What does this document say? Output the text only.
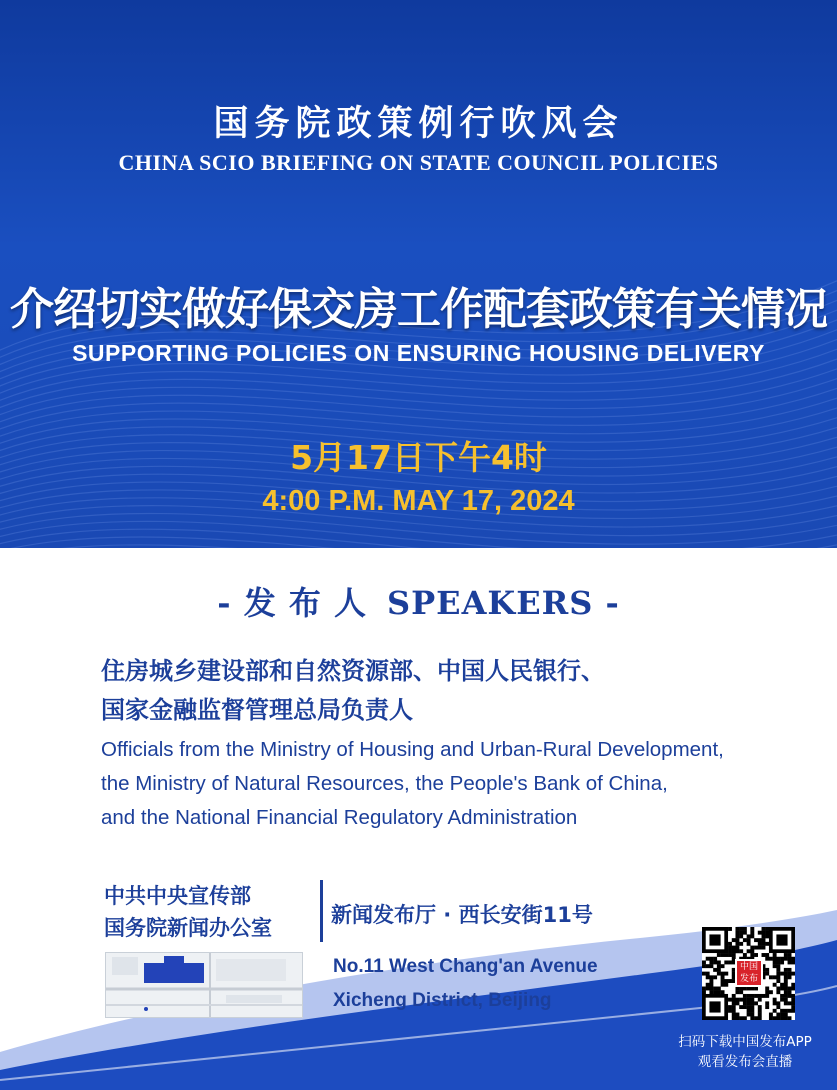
国务院政策例行吹风会
CHINA SCIO BRIEFING ON STATE COUNCIL POLICIES
介绍切实做好保交房工作配套政策有关情况
SUPPORTING POLICIES ON ENSURING HOUSING DELIVERY
5月17日下午4时
4:00 P.M. MAY 17, 2024
- 发 布 人 SPEAKERS -
住房城乡建设部和自然资源部、中国人民银行、
国家金融监督管理总局负责人
Officials from the Ministry of Housing and Urban-Rural Development,
the Ministry of Natural Resources, the People's Bank of China,
and the National Financial Regulatory Administration
中共中央宣传部
国务院新闻办公室
新闻发布厅 · 西长安街11号
No.11 West Chang'an Avenue
Xicheng District, Beijing
中国
发布
扫码下载中国发布APP
观看发布会直播
